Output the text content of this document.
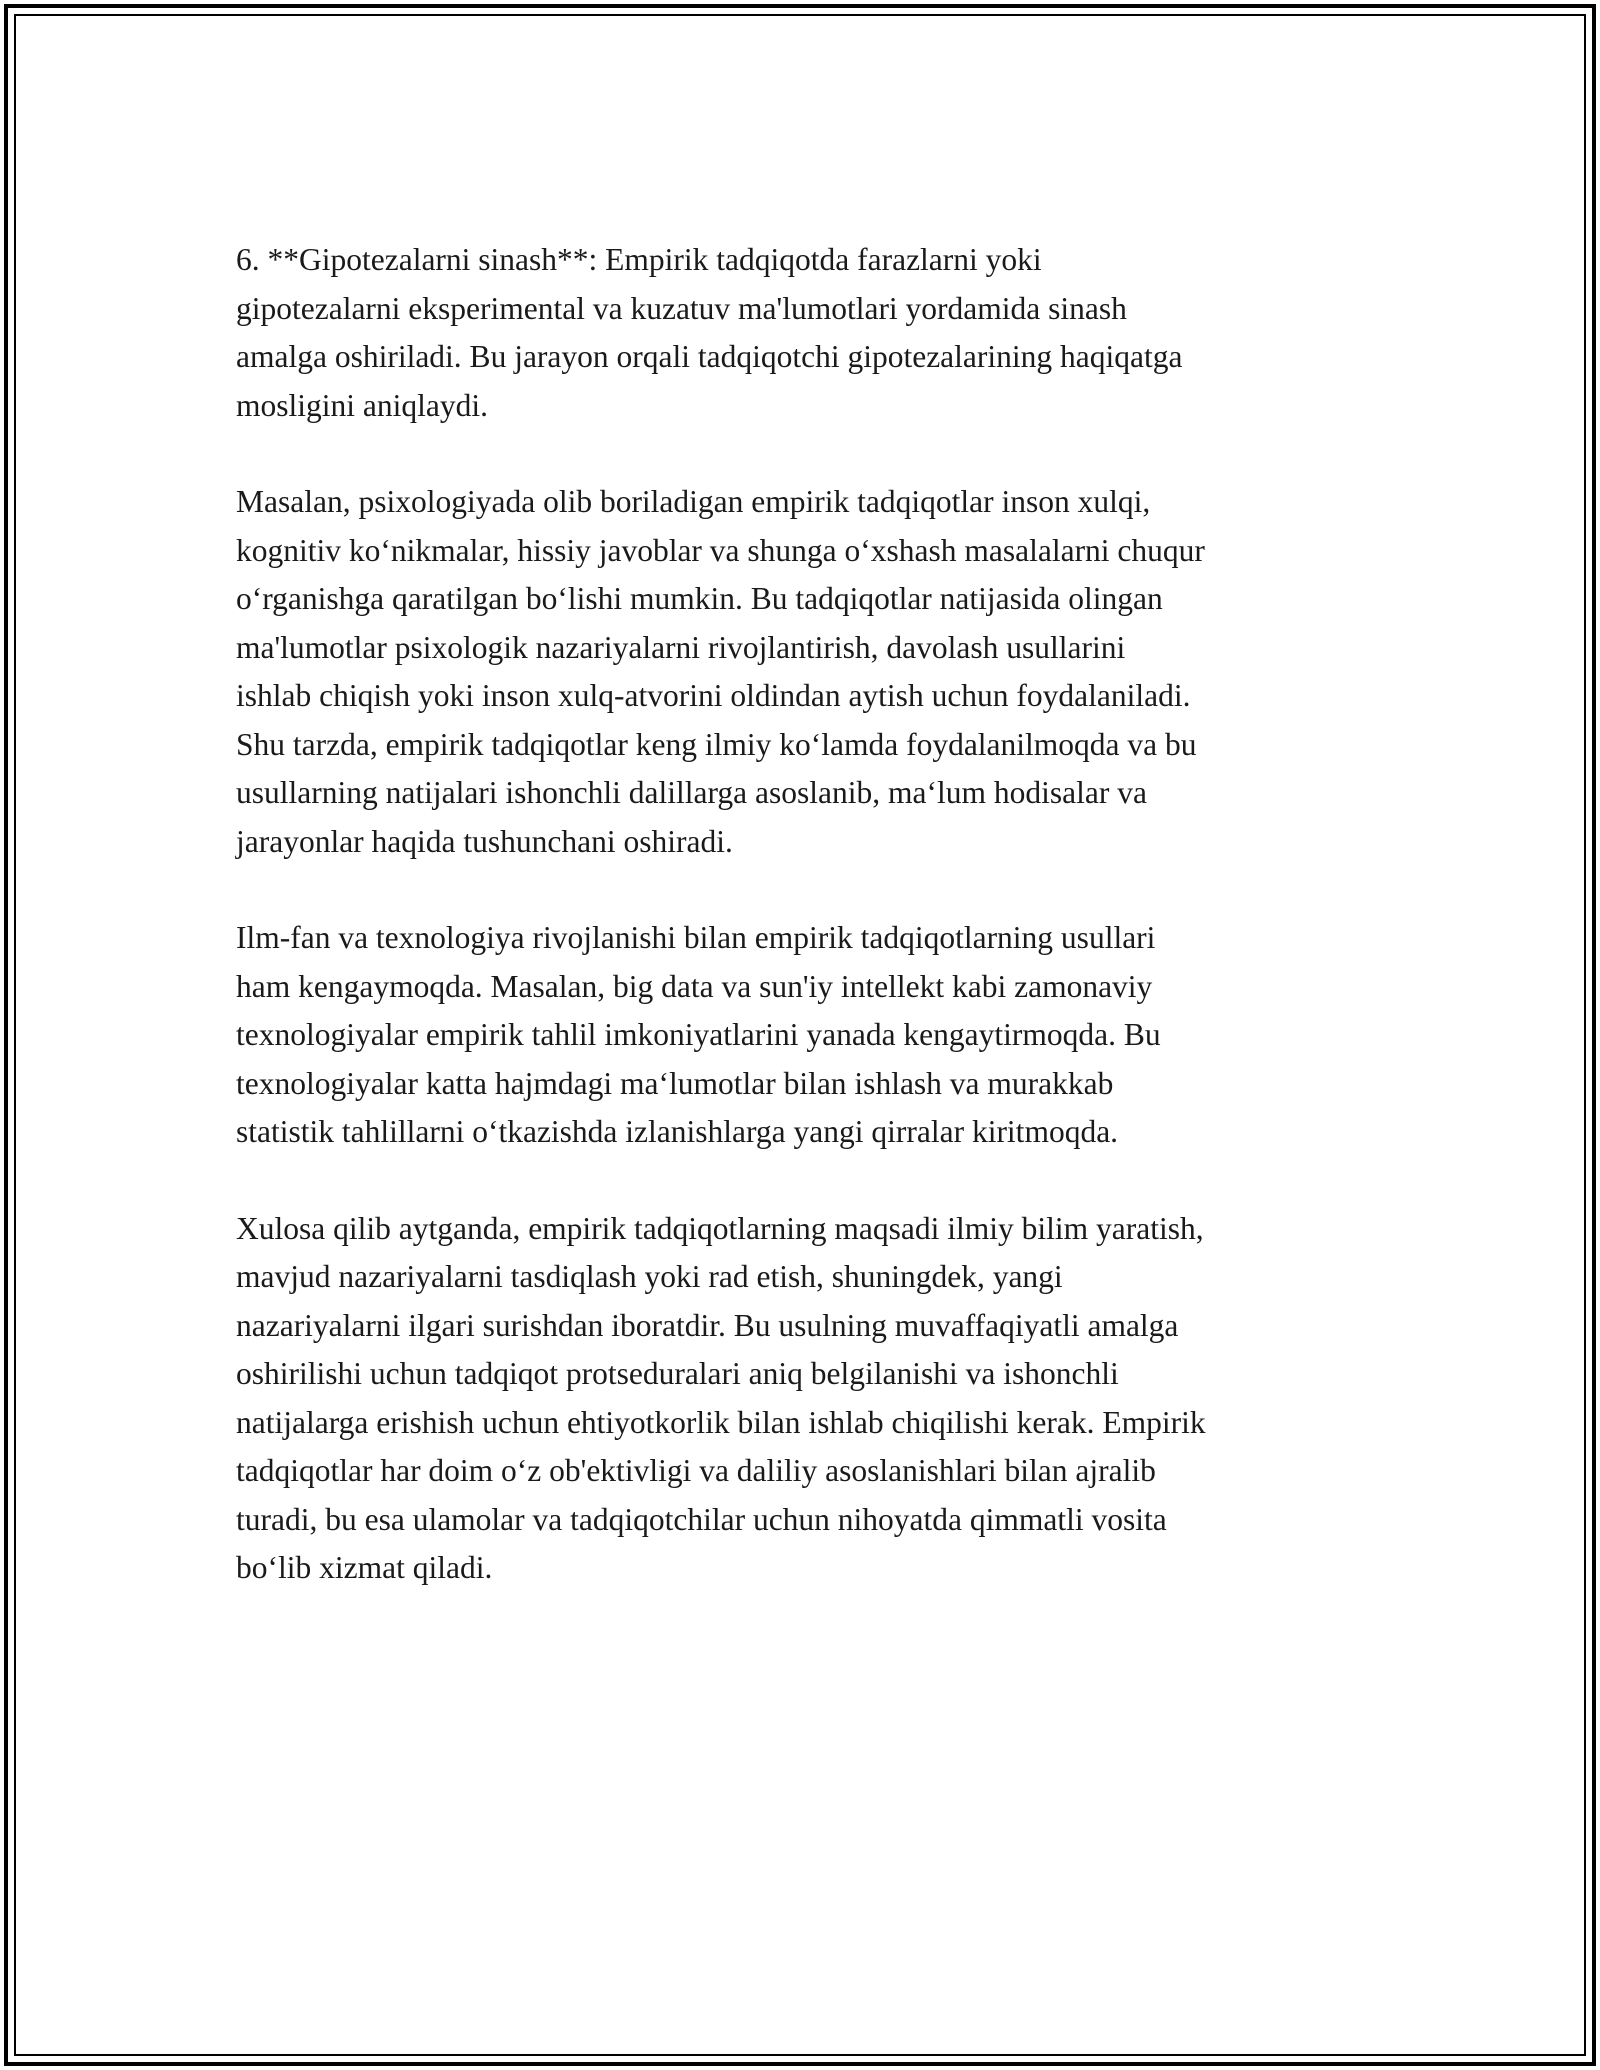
6. **Gipotezalarni sinash**: Empirik tadqiqotda farazlarni yoki
gipotezalarni eksperimental va kuzatuv ma'lumotlari yordamida sinash
amalga oshiriladi. Bu jarayon orqali tadqiqotchi gipotezalarining haqiqatga
mosligini aniqlaydi.

Masalan, psixologiyada olib boriladigan empirik tadqiqotlar inson xulqi,
kognitiv ko‘nikmalar, hissiy javoblar va shunga o‘xshash masalalarni chuqur
o‘rganishga qaratilgan bo‘lishi mumkin. Bu tadqiqotlar natijasida olingan
ma'lumotlar psixologik nazariyalarni rivojlantirish, davolash usullarini
ishlab chiqish yoki inson xulq-atvorini oldindan aytish uchun foydalaniladi.
Shu tarzda, empirik tadqiqotlar keng ilmiy ko‘lamda foydalanilmoqda va bu
usullarning natijalari ishonchli dalillarga asoslanib, ma‘lum hodisalar va
jarayonlar haqida tushunchani oshiradi.

Ilm-fan va texnologiya rivojlanishi bilan empirik tadqiqotlarning usullari
ham kengaymoqda. Masalan, big data va sun'iy intellekt kabi zamonaviy
texnologiyalar empirik tahlil imkoniyatlarini yanada kengaytirmoqda. Bu
texnologiyalar katta hajmdagi ma‘lumotlar bilan ishlash va murakkab
statistik tahlillarni o‘tkazishda izlanishlarga yangi qirralar kiritmoqda.

Xulosa qilib aytganda, empirik tadqiqotlarning maqsadi ilmiy bilim yaratish,
mavjud nazariyalarni tasdiqlash yoki rad etish, shuningdek, yangi
nazariyalarni ilgari surishdan iboratdir. Bu usulning muvaffaqiyatli amalga
oshirilishi uchun tadqiqot protseduralari aniq belgilanishi va ishonchli
natijalarga erishish uchun ehtiyotkorlik bilan ishlab chiqilishi kerak. Empirik
tadqiqotlar har doim o‘z ob'ektivligi va daliliy asoslanishlari bilan ajralib
turadi, bu esa ulamolar va tadqiqotchilar uchun nihoyatda qimmatli vosita
bo‘lib xizmat qiladi.
